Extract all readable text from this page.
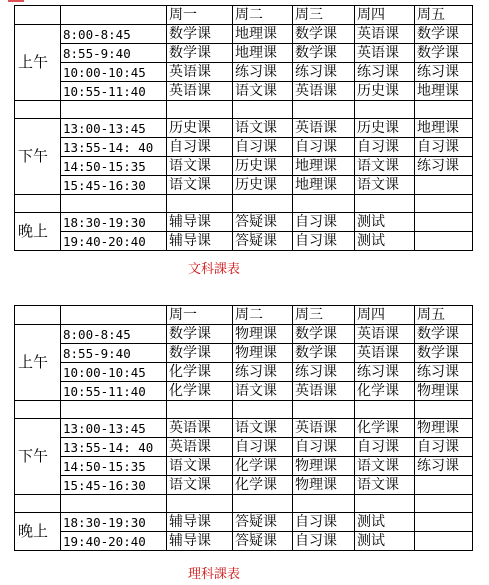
		周一	周二	周三	周四	周五
上午	8:00-8:45	数学课	地理课	数学课	英语课	数学课
	8:55-9:40	数学课	地理课	数学课	英语课	数学课
	10:00-10:45	英语课	练习课	练习课	练习课	练习课
	10:55-11:40	英语课	语文课	英语课	历史课	地理课

下午	13:00-13:45	历史课	语文课	英语课	历史课	地理课
	13:55-14: 40	自习课	自习课	自习课	自习课	自习课
	14:50-15:35	语文课	历史课	地理课	语文课	练习课
	15:45-16:30	语文课	历史课	地理课	语文课	

晚上	18:30-19:30	辅导课	答疑课	自习课	测试	
	19:40-20:40	辅导课	答疑课	自习课	测试	
文科課表
		周一	周二	周三	周四	周五
上午	8:00-8:45	数学课	物理课	数学课	英语课	数学课
	8:55-9:40	数学课	物理课	数学课	英语课	数学课
	10:00-10:45	化学课	练习课	练习课	练习课	练习课
	10:55-11:40	化学课	语文课	英语课	化学课	物理课

下午	13:00-13:45	英语课	语文课	英语课	化学课	物理课
	13:55-14: 40	英语课	自习课	自习课	自习课	自习课
	14:50-15:35	语文课	化学课	物理课	语文课	练习课
	15:45-16:30	语文课	化学课	物理课	语文课	

晚上	18:30-19:30	辅导课	答疑课	自习课	测试	
	19:40-20:40	辅导课	答疑课	自习课	测试	
理科課表
